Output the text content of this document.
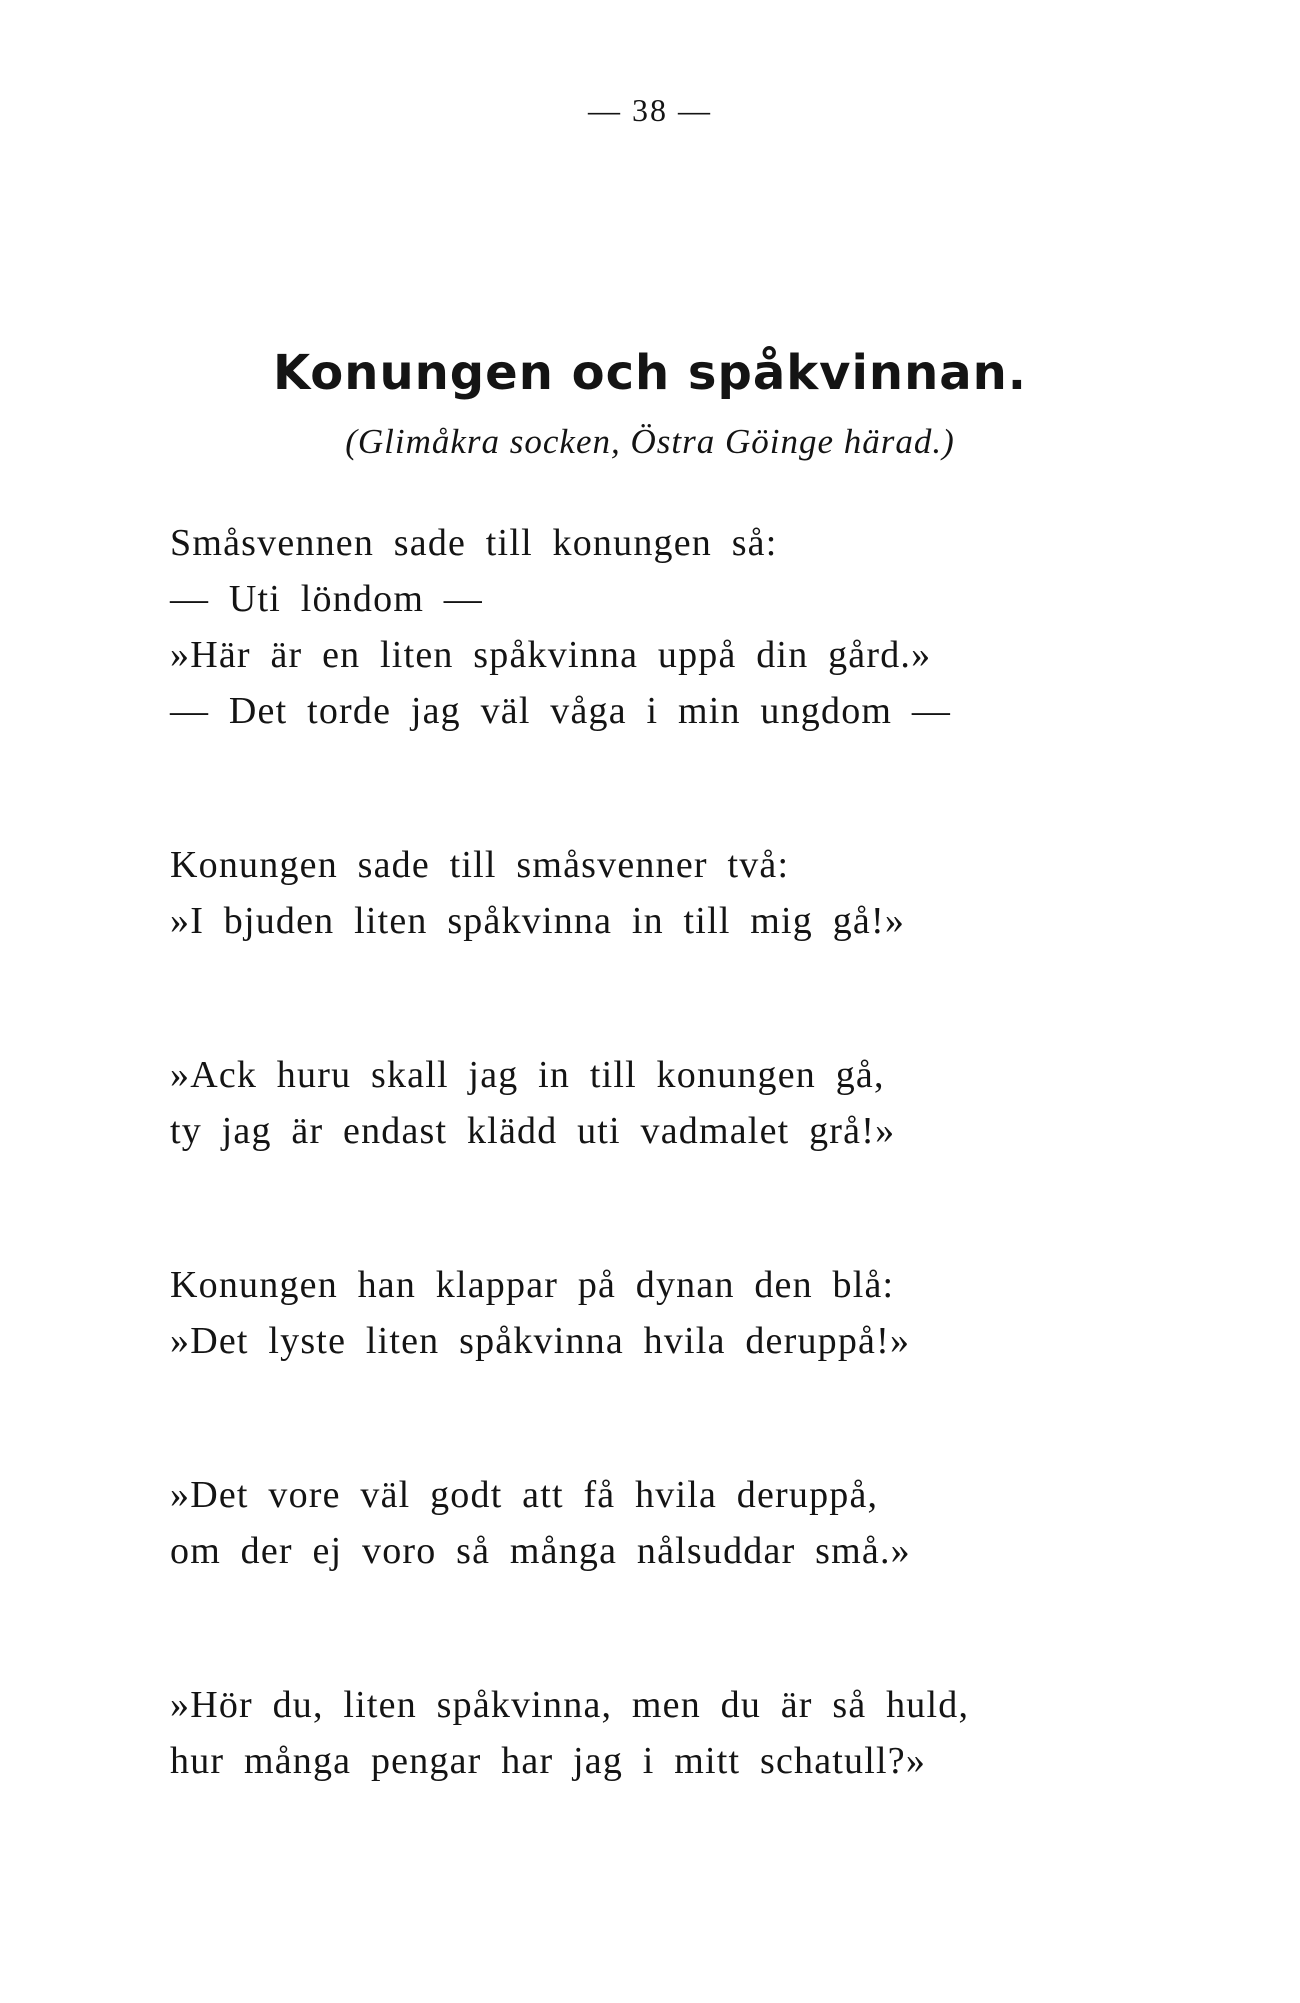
— 38 —
Konungen och spåkvinnan.
(Glimåkra socken, Östra Göinge härad.)
Småsvennen sade till konungen så:
— Uti löndom —
»Här är en liten spåkvinna uppå din gård.»
— Det torde jag väl våga i min ungdom —
Konungen sade till småsvenner två:
»I bjuden liten spåkvinna in till mig gå!»
»Ack huru skall jag in till konungen gå,
ty jag är endast klädd uti vadmalet grå!»
Konungen han klappar på dynan den blå:
»Det lyste liten spåkvinna hvila deruppå!»
»Det vore väl godt att få hvila deruppå,
om der ej voro så många nålsuddar små.»
»Hör du, liten spåkvinna, men du är så huld,
hur många pengar har jag i mitt schatull?»
